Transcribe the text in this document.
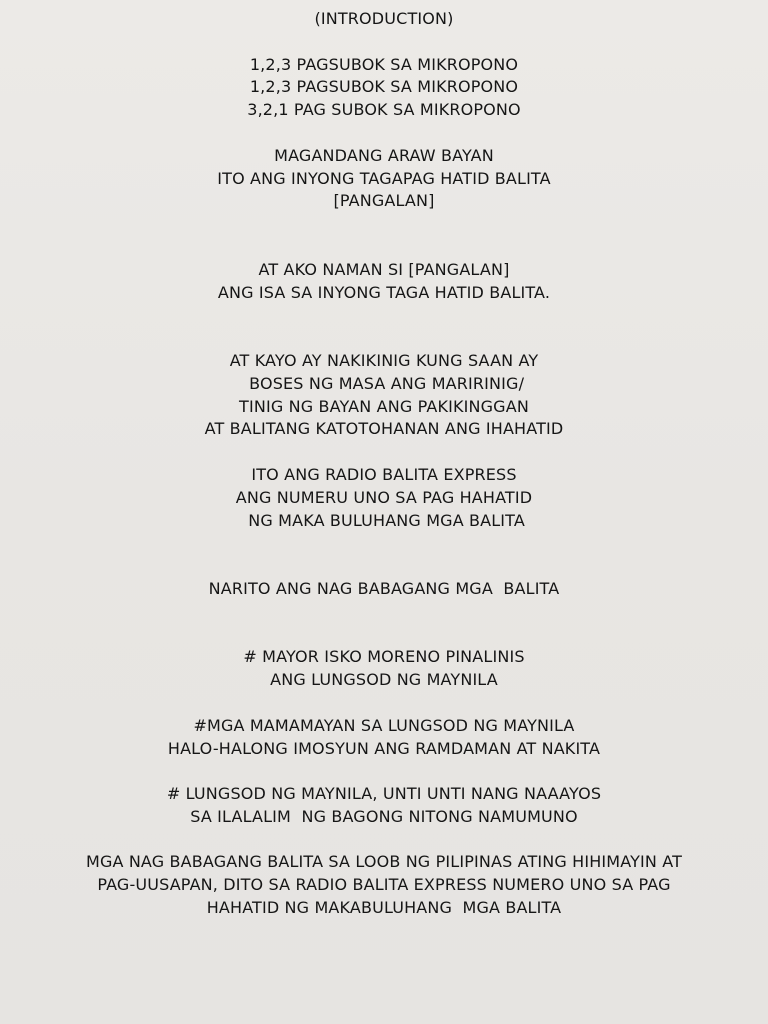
(INTRODUCTION)
1,2,3 PAGSUBOK SA MIKROPONO
1,2,3 PAGSUBOK SA MIKROPONO
3,2,1 PAG SUBOK SA MIKROPONO
MAGANDANG ARAW BAYAN
ITO ANG INYONG TAGAPAG HATID BALITA
[PANGALAN]
AT AKO NAMAN SI [PANGALAN]
ANG ISA SA INYONG TAGA HATID BALITA.
AT KAYO AY NAKIKINIG KUNG SAAN AY
BOSES NG MASA ANG MARIRINIG/
TINIG NG BAYAN ANG PAKIKINGGAN
AT BALITANG KATOTOHANAN ANG IHAHATID
ITO ANG RADIO BALITA EXPRESS
ANG NUMERU UNO SA PAG HAHATID
NG MAKA BULUHANG MGA BALITA
NARITO ANG NAG BABAGANG MGA  BALITA
# MAYOR ISKO MORENO PINALINIS
ANG LUNGSOD NG MAYNILA
#MGA MAMAMAYAN SA LUNGSOD NG MAYNILA
HALO-HALONG IMOSYUN ANG RAMDAMAN AT NAKITA
# LUNGSOD NG MAYNILA, UNTI UNTI NANG NAAAYOS
SA ILALALIM  NG BAGONG NITONG NAMUMUNO
MGA NAG BABAGANG BALITA SA LOOB NG PILIPINAS ATING HIHIMAYIN AT
PAG-UUSAPAN, DITO SA RADIO BALITA EXPRESS NUMERO UNO SA PAG
HAHATID NG MAKABULUHANG  MGA BALITA
